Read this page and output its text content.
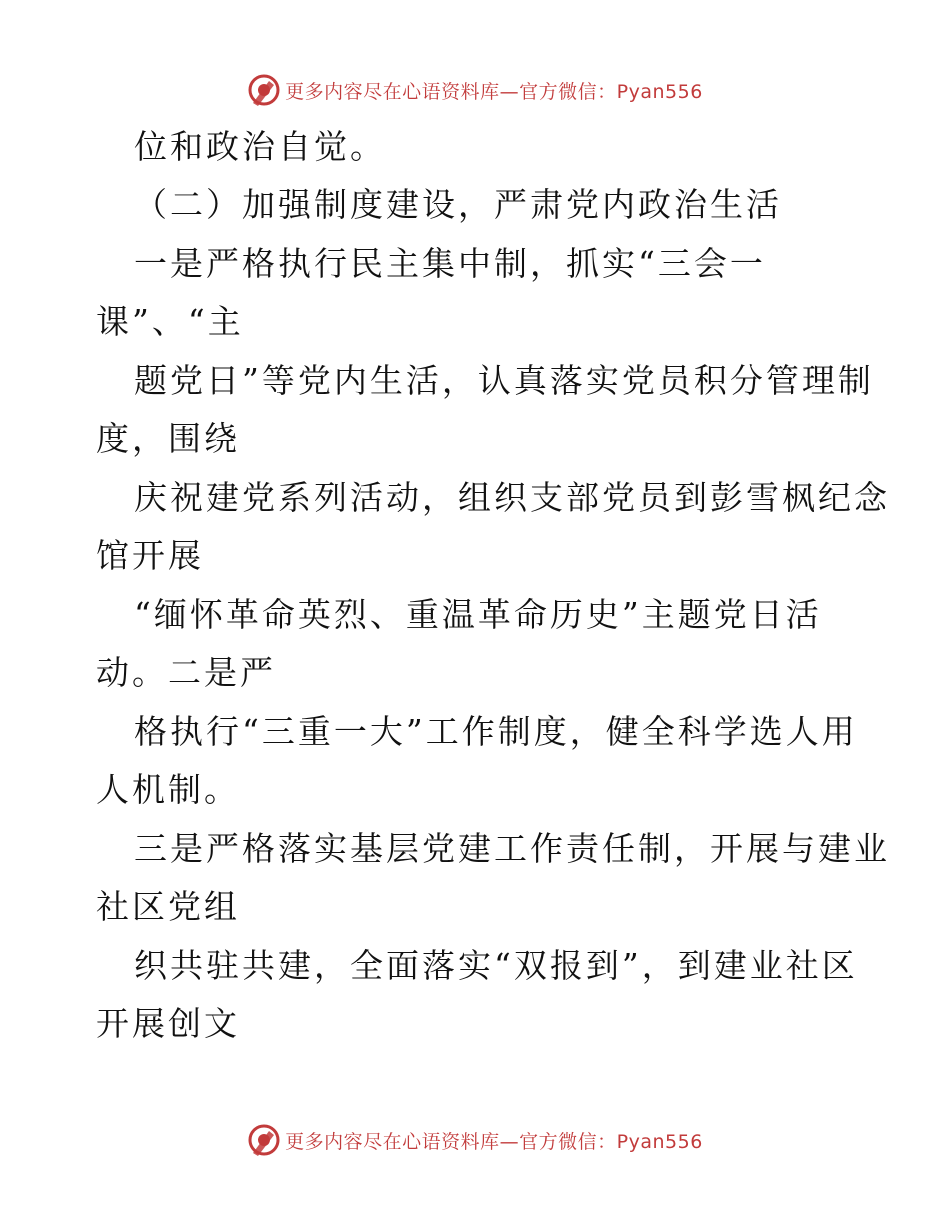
更多内容尽在心语资料库—官方微信：Pyan556
位和政治自觉。
（二）加强制度建设，严肃党内政治生活
一是严格执行民主集中制，抓实“三会一
课”、“主
题党日”等党内生活，认真落实党员积分管理制
度，围绕
庆祝建党系列活动，组织支部党员到彭雪枫纪念
馆开展
“缅怀革命英烈、重温革命历史”主题党日活
动。二是严
格执行“三重一大”工作制度，健全科学选人用
人机制。
三是严格落实基层党建工作责任制，开展与建业
社区党组
织共驻共建，全面落实“双报到”，到建业社区
开展创文
更多内容尽在心语资料库—官方微信：Pyan556
